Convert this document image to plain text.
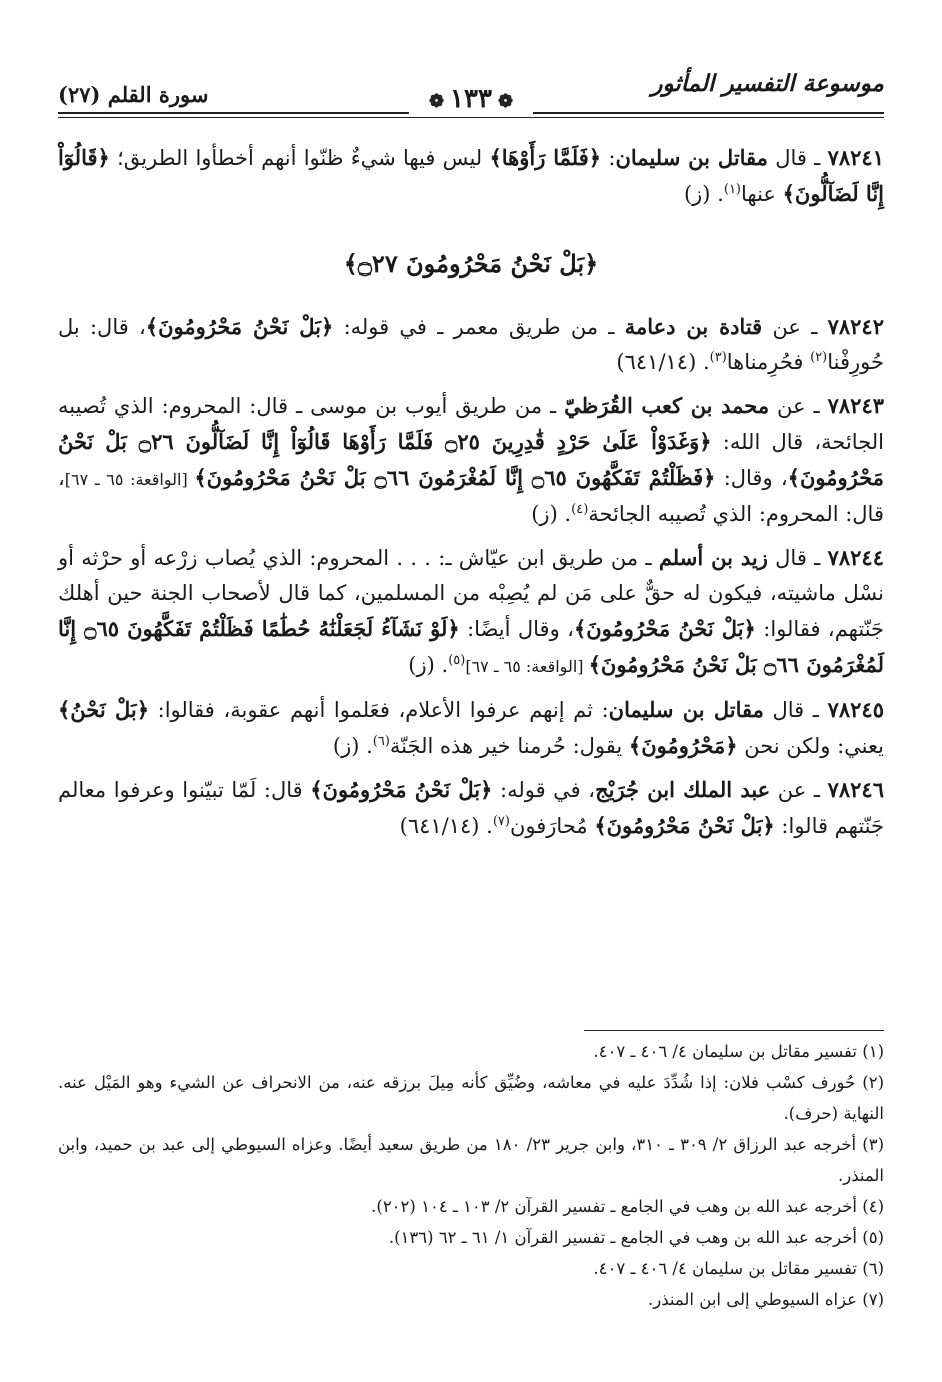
موسوعة التفسير المأثور
❁١٣٣❁
سورة القلم (٢٧)

٧٨٢٤١ ـ قال مقاتل بن سليمان: ﴿فَلَمَّا رَأَوْهَا﴾ ليس فيها شيءٌ ظنّوا أنهم أخطأوا الطريق؛ ﴿قَالُوٓاْ إِنَّا لَضَآلُّونَ﴾ عنها$^{(١)}$. (ز)

﴿بَلْ نَحْنُ مَحْرُومُونَ ۝٢٧﴾

٧٨٢٤٢ ـ عن قتادة بن دعامة ـ من طريق معمر ـ في قوله: ﴿بَلْ نَحْنُ مَحْرُومُونَ﴾، قال: بل حُورِفْنا$^{(٢)}$ فحُرِمناها$^{(٣)}$. (٦٤١/١٤)

٧٨٢٤٣ ـ عن محمد بن كعب القُرَظيّ ـ من طريق أيوب بن موسى ـ قال: المحروم: الذي تُصيبه الجائحة، قال الله: ﴿وَغَدَوْاْ عَلَىٰ حَرْدٍ قَٰدِرِينَ ۝٢٥ فَلَمَّا رَأَوْهَا قَالُوٓاْ إِنَّا لَضَآلُّونَ ۝٢٦ بَلْ نَحْنُ مَحْرُومُونَ﴾، وقال: ﴿فَظَلْتُمْ تَفَكَّهُونَ ۝٦٥ إِنَّا لَمُغْرَمُونَ ۝٦٦ بَلْ نَحْنُ مَحْرُومُونَ﴾ [الواقعة: ٦٥ ـ ٦٧]، قال: المحروم: الذي تُصيبه الجائحة$^{(٤)}$. (ز)

٧٨٢٤٤ ـ قال زيد بن أسلم ـ من طريق ابن عيّاش ـ: . . . المحروم: الذي يُصاب زرْعه أو حرْثه أو نسْل ماشيته، فيكون له حقٌّ على مَن لم يُصِبْه من المسلمين، كما قال لأصحاب الجنة حين أهلك جَنّتهم، فقالوا: ﴿بَلْ نَحْنُ مَحْرُومُونَ﴾، وقال أيضًا: ﴿لَوْ نَشَآءُ لَجَعَلْنَٰهُ حُطَٰمًا فَظَلْتُمْ تَفَكَّهُونَ ۝٦٥ إِنَّا لَمُغْرَمُونَ ۝٦٦ بَلْ نَحْنُ مَحْرُومُونَ﴾ [الواقعة: ٦٥ ـ ٦٧]$^{(٥)}$. (ز)

٧٨٢٤٥ ـ قال مقاتل بن سليمان: ثم إنهم عرفوا الأعلام، فعَلموا أنهم عقوبة، فقالوا: ﴿بَلْ نَحْنُ﴾ يعني: ولكن نحن ﴿مَحْرُومُونَ﴾ يقول: حُرمنا خير هذه الجَنّة$^{(٦)}$. (ز)

٧٨٢٤٦ ـ عن عبد الملك ابن جُرَيْج، في قوله: ﴿بَلْ نَحْنُ مَحْرُومُونَ﴾ قال: لَمّا تبيّنوا وعرفوا معالم جَنّتهم قالوا: ﴿بَلْ نَحْنُ مَحْرُومُونَ﴾ مُحارَفون$^{(٧)}$. (٦٤١/١٤)

(١) تفسير مقاتل بن سليمان ٤/ ٤٠٦ ـ ٤٠٧.

(٢) حُورف كسْب فلان: إذا شُدِّدَ عليه في معاشه، وضُيِّق كأنه مِيلَ برزقه عنه، من الانحراف عن الشيء وهو المَيْل عنه. النهاية (حرف).

(٣) أخرجه عبد الرزاق ٢/ ٣٠٩ ـ ٣١٠، وابن جرير ٢٣/ ١٨٠ من طريق سعيد أيضًا. وعزاه السيوطي إلى عبد بن حميد، وابن المنذر.

(٤) أخرجه عبد الله بن وهب في الجامع ـ تفسير القرآن ٢/ ١٠٣ ـ ١٠٤ (٢٠٢).

(٥) أخرجه عبد الله بن وهب في الجامع ـ تفسير القرآن ١/ ٦١ ـ ٦٢ (١٣٦).

(٦) تفسير مقاتل بن سليمان ٤/ ٤٠٦ ـ ٤٠٧.

(٧) عزاه السيوطي إلى ابن المنذر.
